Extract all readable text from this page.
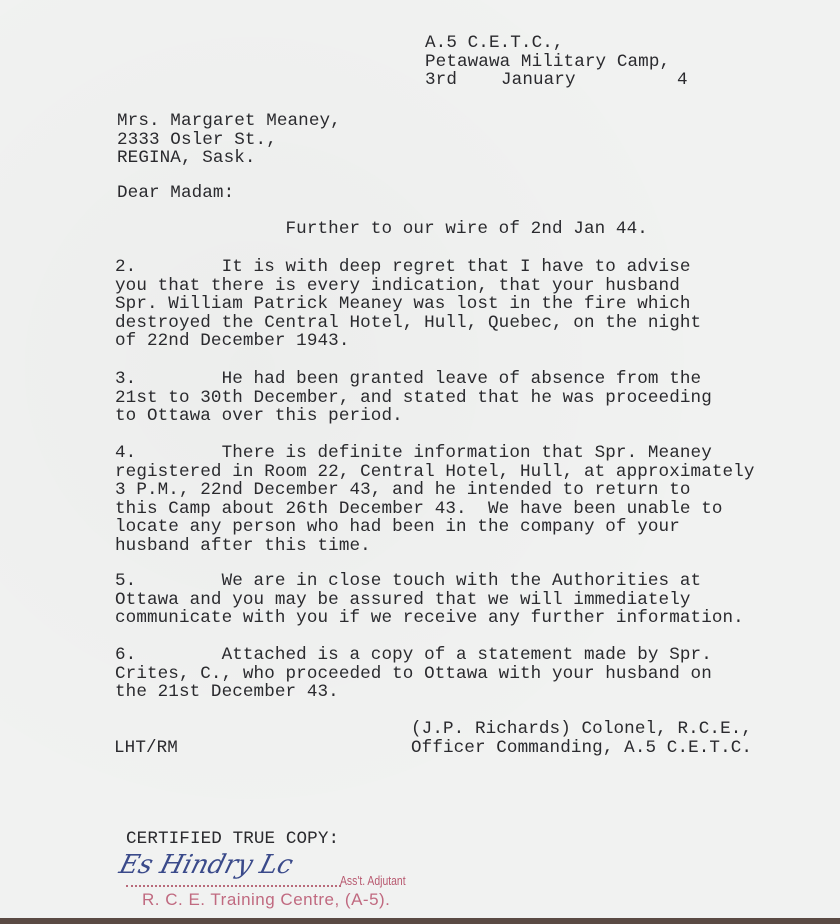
A.5 C.E.T.C.,
Petawawa Military Camp,
3rd	January	4
Mrs. Margaret Meaney,
2333 Osler St.,
REGINA, Sask.
Dear Madam:
Further to our wire of 2nd Jan 44.
2.        It is with deep regret that I have to advise
you that there is every indication, that your husband
Spr. William Patrick Meaney was lost in the fire which
destroyed the Central Hotel, Hull, Quebec, on the night
of 22nd December 1943.
3.        He had been granted leave of absence from the
21st to 30th December, and stated that he was proceeding
to Ottawa over this period.
4.        There is definite information that Spr. Meaney
registered in Room 22, Central Hotel, Hull, at approximately
3 P.M., 22nd December 43, and he intended to return to
this Camp about 26th December 43.  We have been unable to
locate any person who had been in the company of your
husband after this time.
5.        We are in close touch with the Authorities at
Ottawa and you may be assured that we will immediately
communicate with you if we receive any further information.
6.        Attached is a copy of a statement made by Spr.
Crites, C., who proceeded to Ottawa with your husband on
the 21st December 43.
(J.P. Richards) Colonel, R.C.E.,
Officer Commanding, A.5 C.E.T.C.
LHT/RM
CERTIFIED TRUE COPY:
Es Hindry Lc
Ass't. Adjutant
R. C. E. Training Centre, (A-5).
